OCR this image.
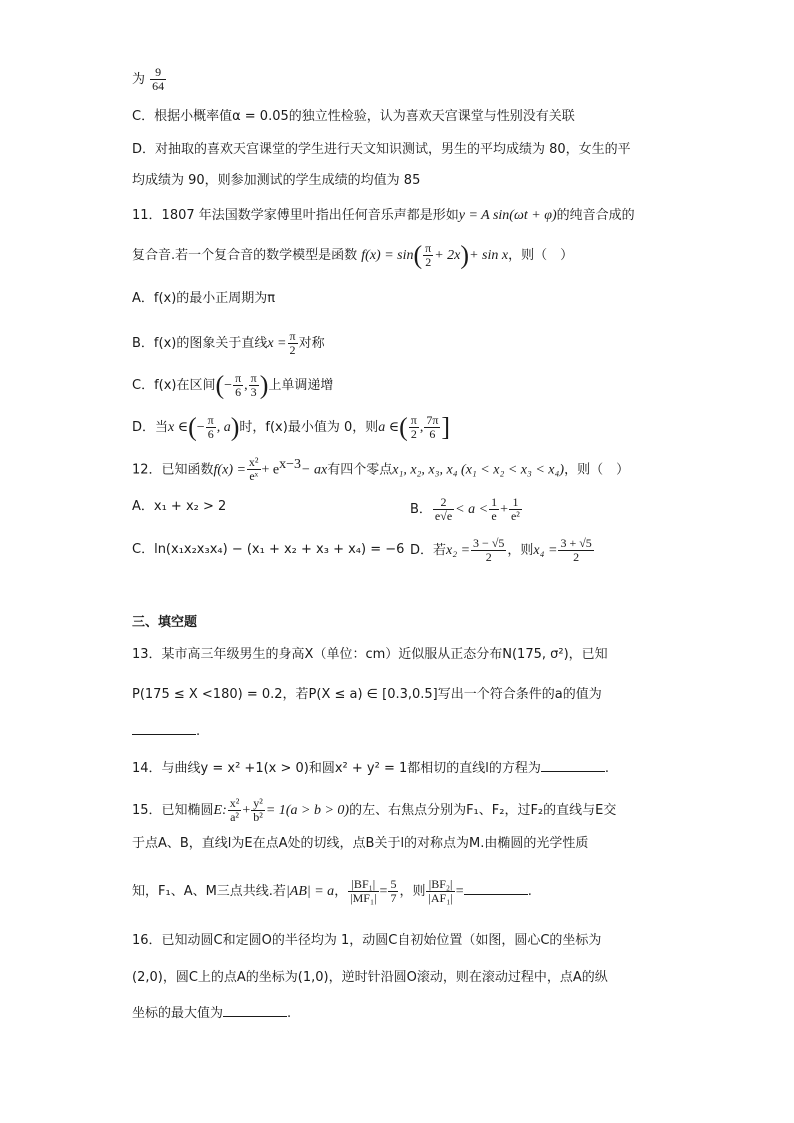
为 $\frac{9}{64}$
C．根据小概率值α = 0.05的独立性检验，认为喜欢天宫课堂与性别没有关联
D．对抽取的喜欢天宫课堂的学生进行天文知识测试，男生的平均成绩为 80，女生的平
均成绩为 90，则参加测试的学生成绩的均值为 85
11．1807 年法国数学家傅里叶指出任何音乐声都是形如y = A sin(ωt + φ)的纯音合成的
复合音.若一个复合音的数学模型是函数 $f(x) = \sin( \frac{\pi}{2} + 2x)+ \sin x$，则（　）
A．f(x)的最小正周期为π
B．f(x)的图象关于直线$x = \frac{\pi}{2}$ 对称
C．f(x)在区间(− $\frac{\pi}{6}$ , $\frac{\pi}{3}$ )上单调递增
D．当x ∈(− $\frac{\pi}{6}$ , a)时，f(x)最小值为 0，则a ∈( $\frac{\pi}{2}$ , $\frac{7\pi}{6}$ ]
12．已知函数$f(x) = \frac{\text{x²}}{\text{eˣ}} + e^{x-3}-$ ax有四个零点x₁, x₂, x₃, x₄ (x₁ < x₂ < x₃ < x₄)，则（　）
A．x₁ + x₂ > 2	B． $\frac{2}{e√e} < a < \frac{1}{e} + \frac{1}{\text{e²}}$
C．ln(x₁x₂x₃x₄) − (x₁ + x₂ + x₃ + x₄) = −6 D．若$x_2 = \frac{3 - √5}{2}$ ，则$x_4 = \frac{3 + √5}{2}$
三、填空题
13．某市高三年级男生的身高X（单位：cm）近似服从正态分布N(175, σ²)，已知
P(175 ≤ X <180) = 0.2，若P(X ≤ a) ∈ [0.3,0.5]写出一个符合条件的a的值为
.
14．与曲线y = x² +1(x > 0)和圆x² + y² = 1都相切的直线l的方程为	.
15．已知椭圆E: $\frac{\text{x²}}{\text{a²}} + \frac{\text{y²}}{\text{b²}} = 1(a > b > 0)$的左、右焦点分别为F₁、F₂，过F₂的直线与E交
于点A、B，直线l为E在点A处的切线，点B关于l的对称点为M.由椭圆的光学性质
知，F₁、A、M三点共线.若|AB| = a， $\frac{\text{|BF₁|}}{\text{|MF₁|}} = \frac{5}{7}$ ，则 $\frac{\text{|BF₂|}}{\text{|AF₁|}}$ =	.
16．已知动圆C和定圆O的半径均为 1，动圆C自初始位置（如图，圆心C的坐标为
(2,0)，圆C上的点A的坐标为(1,0)，逆时针沿圆O滚动，则在滚动过程中，点A的纵
坐标的最大值为	.
